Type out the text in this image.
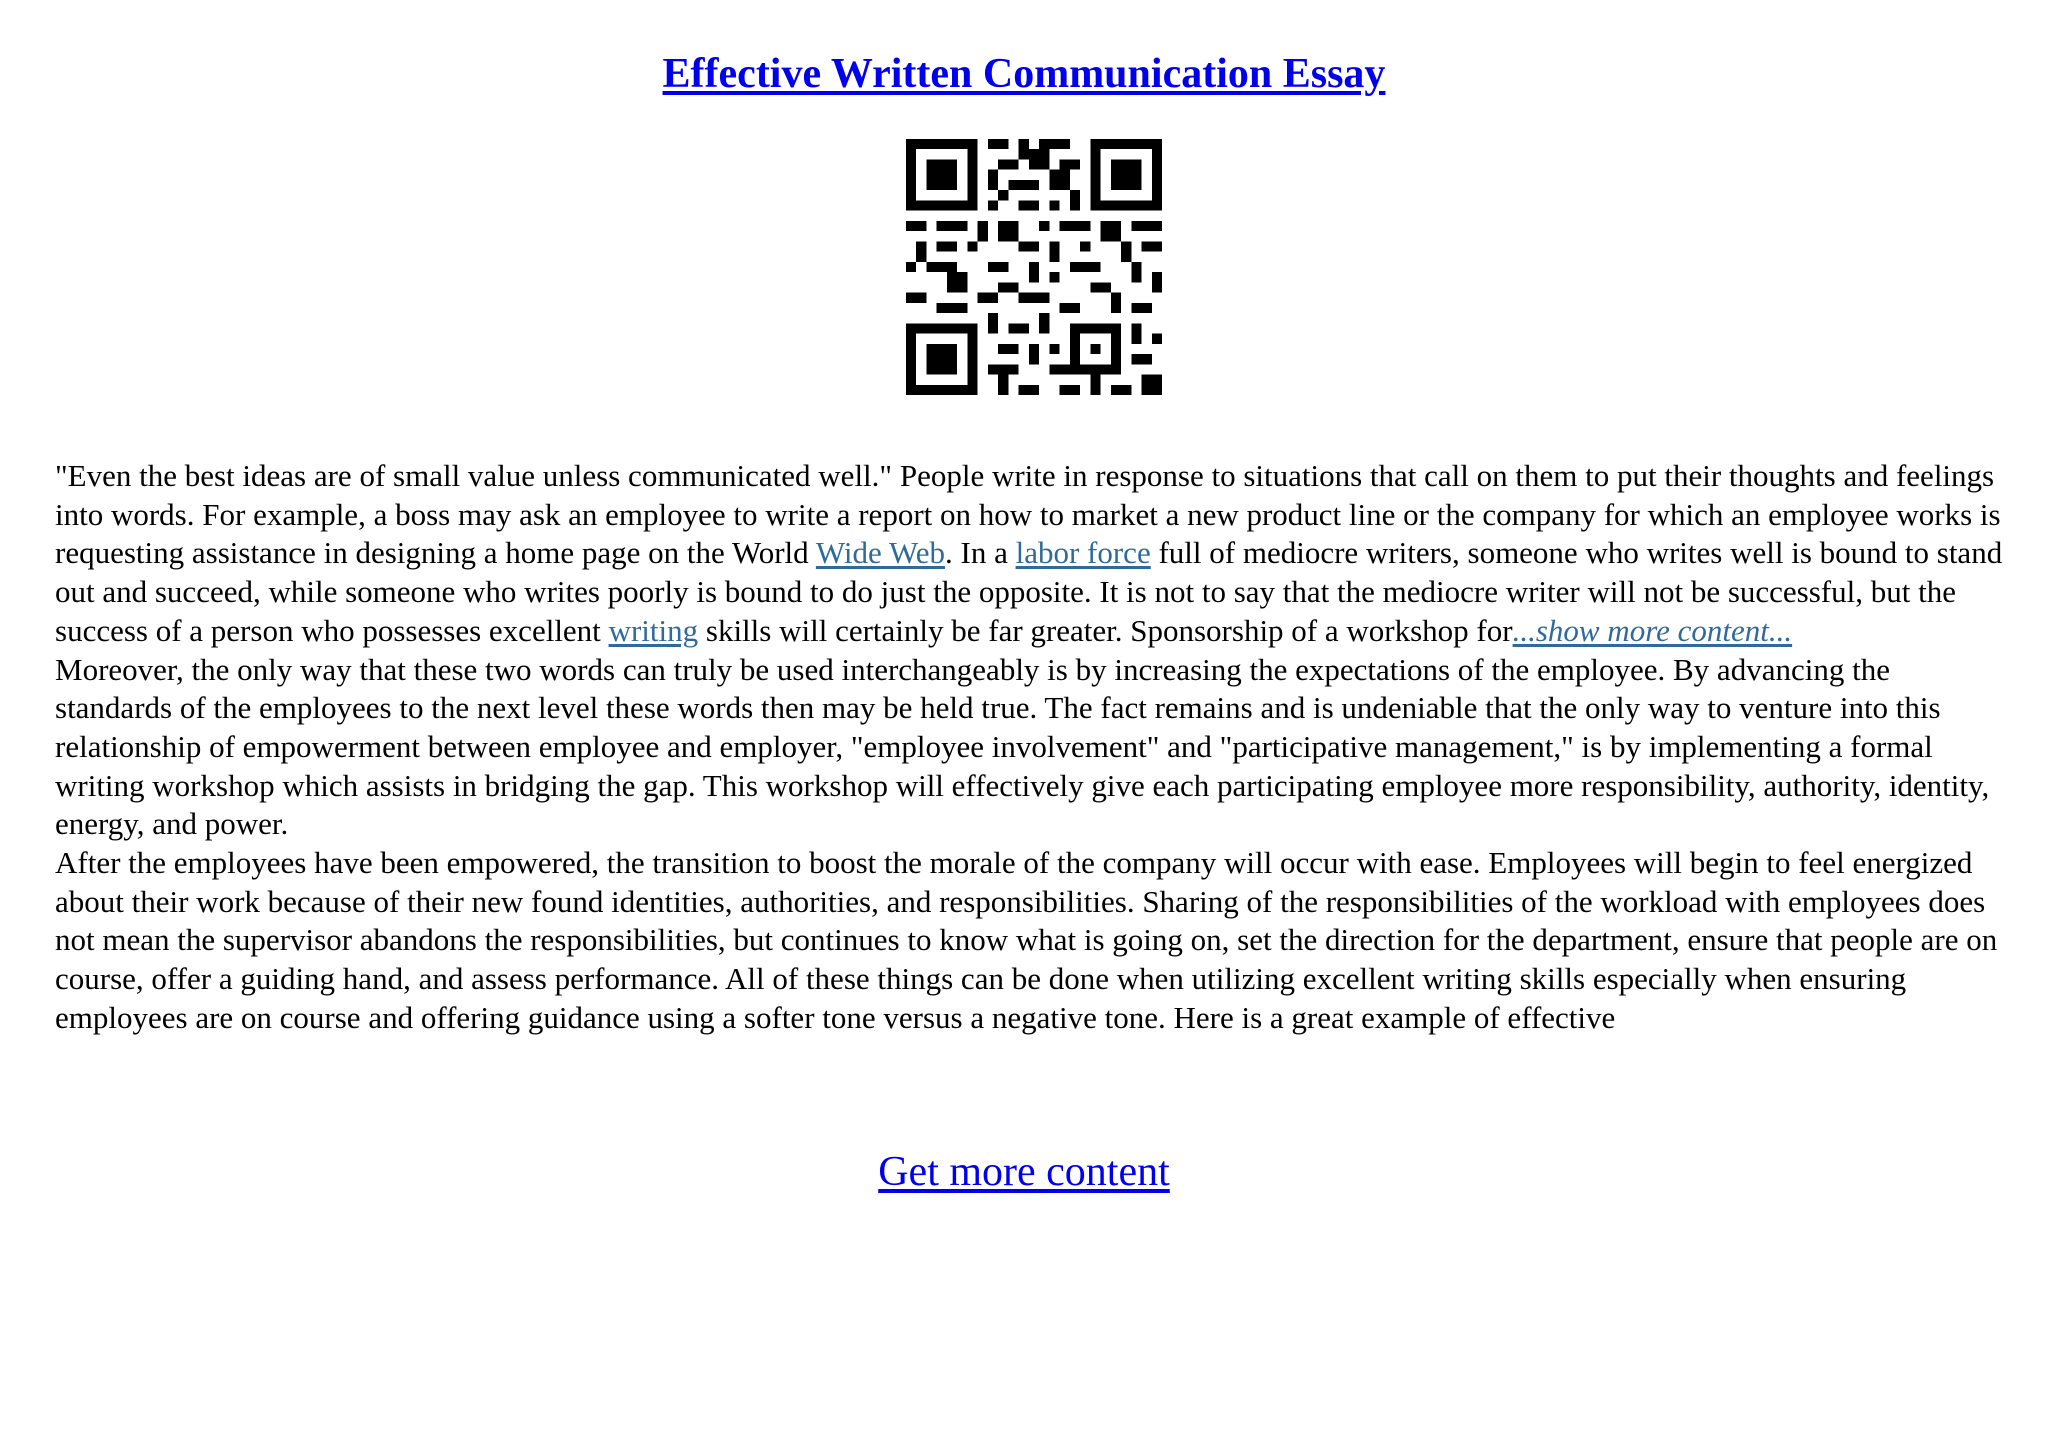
Effective Written Communication Essay

"Even the best ideas are of small value unless communicated well." People write in response to situations that call on them to put their thoughts and feelings into words. For example, a boss may ask an employee to write a report on how to market a new product line or the company for which an employee works is requesting assistance in designing a home page on the World Wide Web. In a labor force full of mediocre writers, someone who writes well is bound to stand out and succeed, while someone who writes poorly is bound to do just the opposite. It is not to say that the mediocre writer will not be successful, but the success of a person who possesses excellent writing skills will certainly be far greater. Sponsorship of a workshop for...show more content...

Moreover, the only way that these two words can truly be used interchangeably is by increasing the expectations of the employee. By advancing the standards of the employees to the next level these words then may be held true. The fact remains and is undeniable that the only way to venture into this relationship of empowerment between employee and employer, "employee involvement" and "participative management," is by implementing a formal writing workshop which assists in bridging the gap. This workshop will effectively give each participating employee more responsibility, authority, identity, energy, and power.

After the employees have been empowered, the transition to boost the morale of the company will occur with ease. Employees will begin to feel energized about their work because of their new found identities, authorities, and responsibilities. Sharing of the responsibilities of the workload with employees does not mean the supervisor abandons the responsibilities, but continues to know what is going on, set the direction for the department, ensure that people are on course, offer a guiding hand, and assess performance. All of these things can be done when utilizing excellent writing skills especially when ensuring employees are on course and offering guidance using a softer tone versus a negative tone. Here is a great example of effective

Get more content
